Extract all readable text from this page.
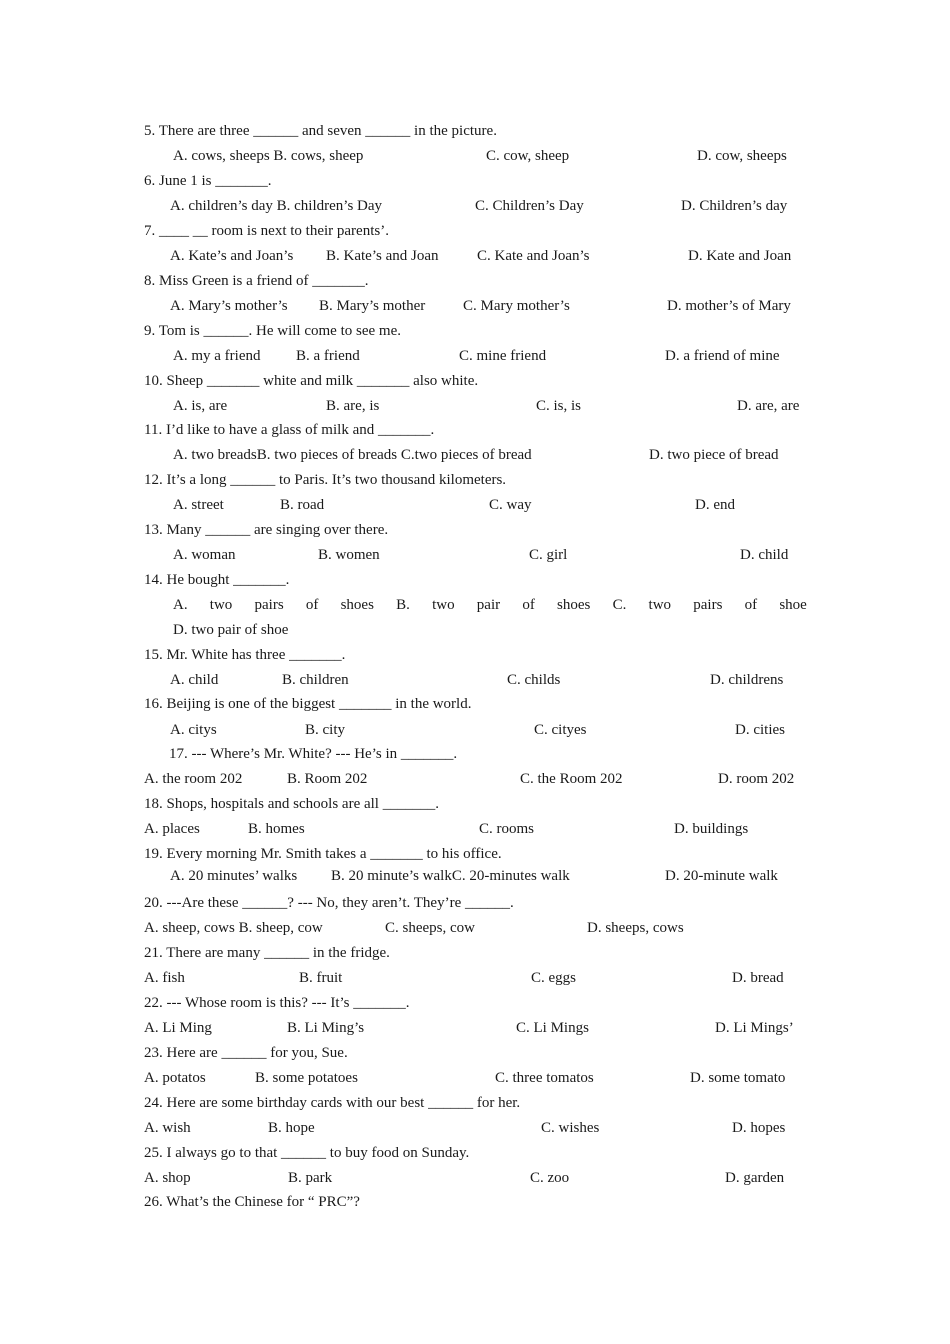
5. There are three ______ and seven ______ in the picture.
A. cows, sheeps B. cows, sheep	C. cow, sheep	D. cow, sheeps
6. June 1 is _______.
A. children’s day B. children’s Day	C. Children’s Day	D. Children’s day
7. ____ __ room is next to their parents’.
A. Kate’s and Joan’s B. Kate’s and Joan	C. Kate and Joan’s	D. Kate and Joan
8. Miss Green is a friend of _______.
A. Mary’s mother’s B. Mary’s mother	C. Mary mother’s	D. mother’s of Mary
9. Tom is ______. He will come to see me.
A. my a friend B. a friend	C. mine friend	D. a friend of mine
10. Sheep _______ white and milk _______ also white.
A. is, are	B. are, is	C. is, is	D. are, are
11. I’d like to have a glass of milk and _______.
A. two breadsB. two pieces of breads C.two pieces of bread	D. two piece of bread
12. It’s a long ______ to Paris. It’s two thousand kilometers.
A. street	B. road	C. way	D. end
13. Many ______ are singing over there.
A. woman	B. women	C. girl	D. child
14. He bought _______.
A. two pairs of shoes B. two pair of shoes C. two pairs of shoe
D. two pair of shoe
15. Mr. White has three _______.
A. child	B. children	C. childs	D. childrens
16. Beijing is one of the biggest _______ in the world.
A. citys	B. city	C. cityes	D. cities
17. --- Where’s Mr. White? --- He’s in _______.
A. the room 202	B. Room 202	C. the Room 202	D. room 202
18. Shops, hospitals and schools are all _______.
A. places	B. homes	C. rooms	D. buildings
19. Every morning Mr. Smith takes a _______ to his office.
A. 20 minutes’ walks B. 20 minute’s walkC. 20-minutes walk	D. 20-minute walk
20. ---Are these ______? --- No, they aren’t. They’re ______.
A. sheep, cows B. sheep, cow	C. sheeps, cow	D. sheeps, cows
21. There are many ______ in the fridge.
A. fish	B. fruit	C. eggs	D. bread
22. --- Whose room is this? --- It’s _______.
A. Li Ming	B. Li Ming’s	C. Li Mings	D. Li Mings’
23. Here are ______ for you, Sue.
A. potatos	B. some potatoes	C. three tomatos	D. some tomato
24. Here are some birthday cards with our best ______ for her.
A. wish	B. hope	C. wishes	D. hopes
25. I always go to that ______ to buy food on Sunday.
A. shop	B. park	C. zoo	D. garden
26. What’s the Chinese for “ PRC”?
